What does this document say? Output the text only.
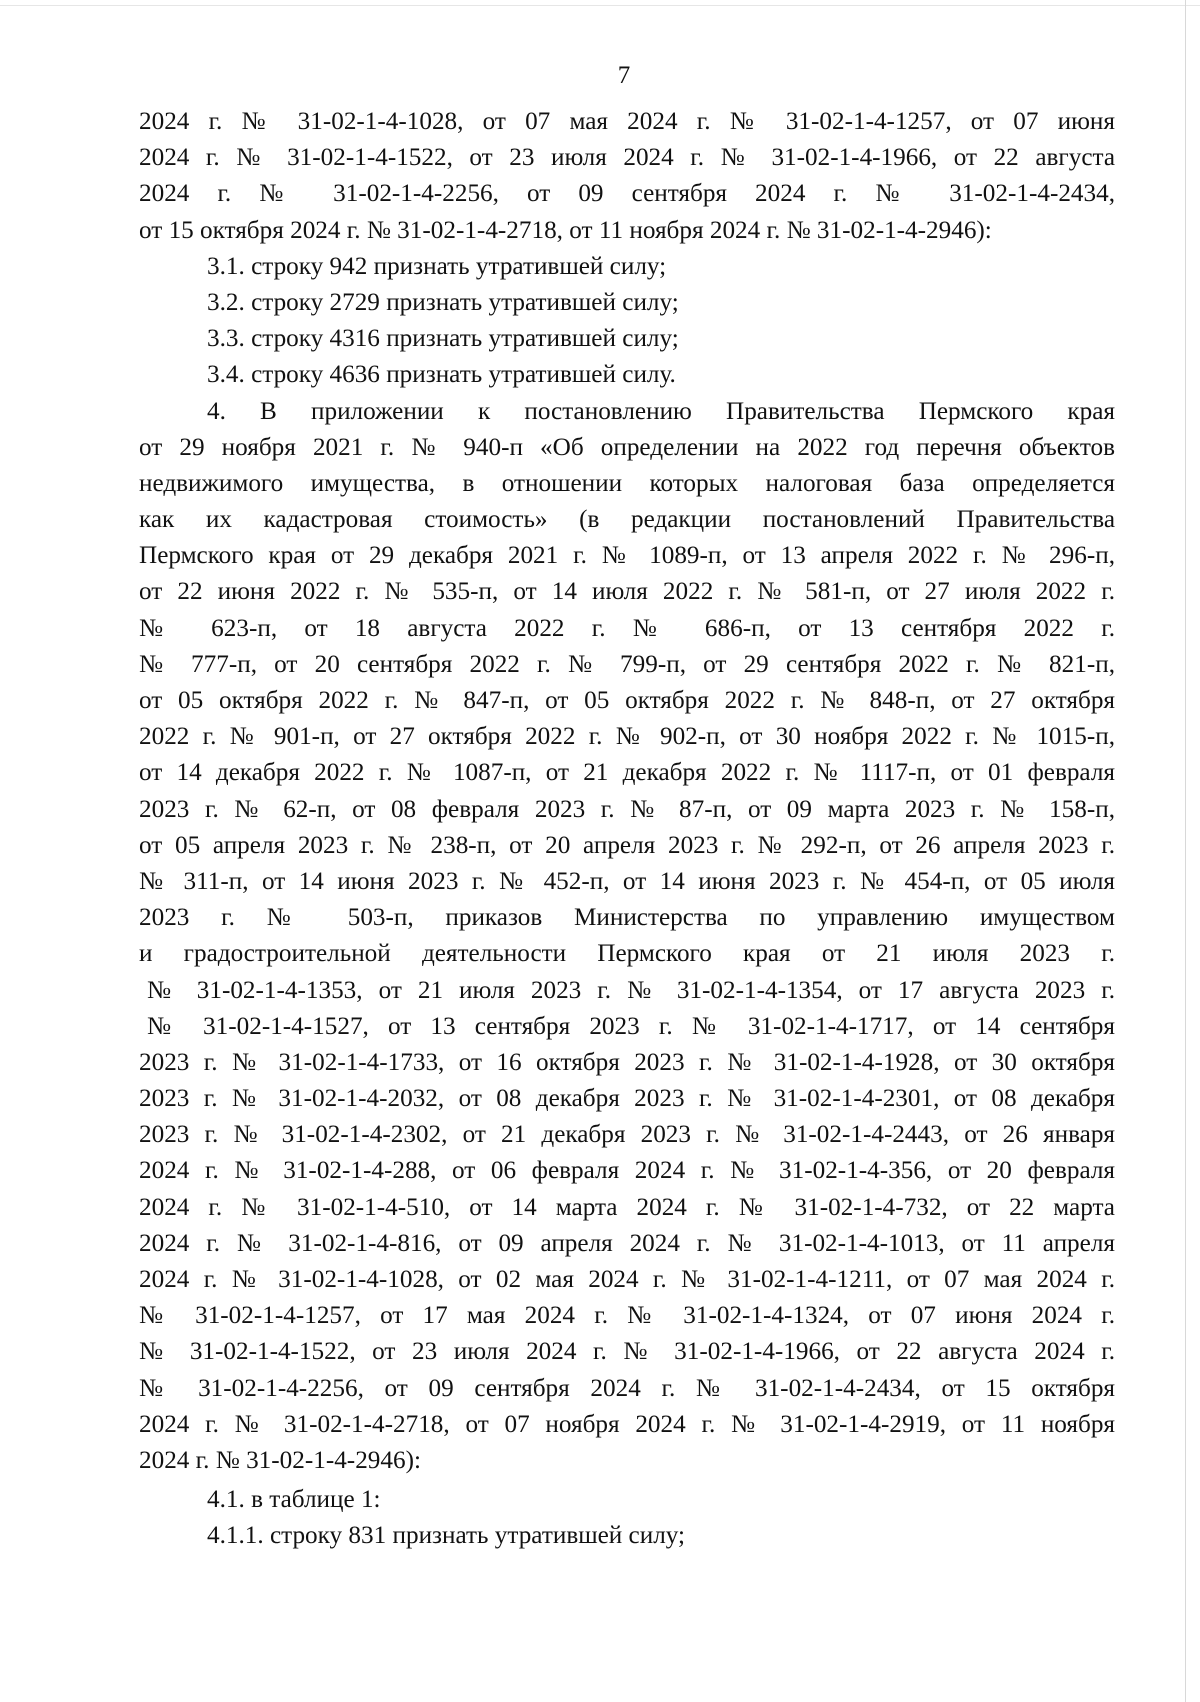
7
2024 г. № 31-02-1-4-1028, от 07 мая 2024 г. № 31-02-1-4-1257, от 07 июня
2024 г. № 31-02-1-4-1522, от 23 июля 2024 г. № 31-02-1-4-1966, от 22 августа
2024 г. № 31-02-1-4-2256, от 09 сентября 2024 г. № 31-02-1-4-2434,
от 15 октября 2024 г. № 31-02-1-4-2718, от 11 ноября 2024 г. № 31-02-1-4-2946):
3.1. строку 942 признать утратившей силу;
3.2. строку 2729 признать утратившей силу;
3.3. строку 4316 признать утратившей силу;
3.4. строку 4636 признать утратившей силу.
4. В приложении к постановлению Правительства Пермского края
от 29 ноября 2021 г. № 940-п «Об определении на 2022 год перечня объектов
недвижимого имущества, в отношении которых налоговая база определяется
как их кадастровая стоимость» (в редакции постановлений Правительства
Пермского края от 29 декабря 2021 г. № 1089-п, от 13 апреля 2022 г. № 296-п,
от 22 июня 2022 г. № 535-п, от 14 июля 2022 г. № 581-п, от 27 июля 2022 г.
№ 623-п, от 18 августа 2022 г. № 686-п, от 13 сентября 2022 г.
№ 777-п, от 20 сентября 2022 г. № 799-п, от 29 сентября 2022 г. № 821-п,
от 05 октября 2022 г. № 847-п, от 05 октября 2022 г. № 848-п, от 27 октября
2022 г. № 901-п, от 27 октября 2022 г. № 902-п, от 30 ноября 2022 г. № 1015-п,
от 14 декабря 2022 г. № 1087-п, от 21 декабря 2022 г. № 1117-п, от 01 февраля
2023 г. № 62-п, от 08 февраля 2023 г. № 87-п, от 09 марта 2023 г. № 158-п,
от 05 апреля 2023 г. № 238-п, от 20 апреля 2023 г. № 292-п, от 26 апреля 2023 г.
№ 311-п, от 14 июня 2023 г. № 452-п, от 14 июня 2023 г. № 454-п, от 05 июля
2023 г. № 503-п, приказов Министерства по управлению имуществом
и градостроительной деятельности Пермского края от 21 июля 2023 г.
№ 31-02-1-4-1353, от 21 июля 2023 г. № 31-02-1-4-1354, от 17 августа 2023 г.
№ 31-02-1-4-1527, от 13 сентября 2023 г. № 31-02-1-4-1717, от 14 сентября
2023 г. № 31-02-1-4-1733, от 16 октября 2023 г. № 31-02-1-4-1928, от 30 октября
2023 г. № 31-02-1-4-2032, от 08 декабря 2023 г. № 31-02-1-4-2301, от 08 декабря
2023 г. № 31-02-1-4-2302, от 21 декабря 2023 г. № 31-02-1-4-2443, от 26 января
2024 г. № 31-02-1-4-288, от 06 февраля 2024 г. № 31-02-1-4-356, от 20 февраля
2024 г. № 31-02-1-4-510, от 14 марта 2024 г. № 31-02-1-4-732, от 22 марта
2024 г. № 31-02-1-4-816, от 09 апреля 2024 г. № 31-02-1-4-1013, от 11 апреля
2024 г. № 31-02-1-4-1028, от 02 мая 2024 г. № 31-02-1-4-1211, от 07 мая 2024 г.
№ 31-02-1-4-1257, от 17 мая 2024 г. № 31-02-1-4-1324, от 07 июня 2024 г.
№ 31-02-1-4-1522, от 23 июля 2024 г. № 31-02-1-4-1966, от 22 августа 2024 г.
№ 31-02-1-4-2256, от 09 сентября 2024 г. № 31-02-1-4-2434, от 15 октября
2024 г. № 31-02-1-4-2718, от 07 ноября 2024 г. № 31-02-1-4-2919, от 11 ноября
2024 г. № 31-02-1-4-2946):
4.1. в таблице 1:
4.1.1. строку 831 признать утратившей силу;
